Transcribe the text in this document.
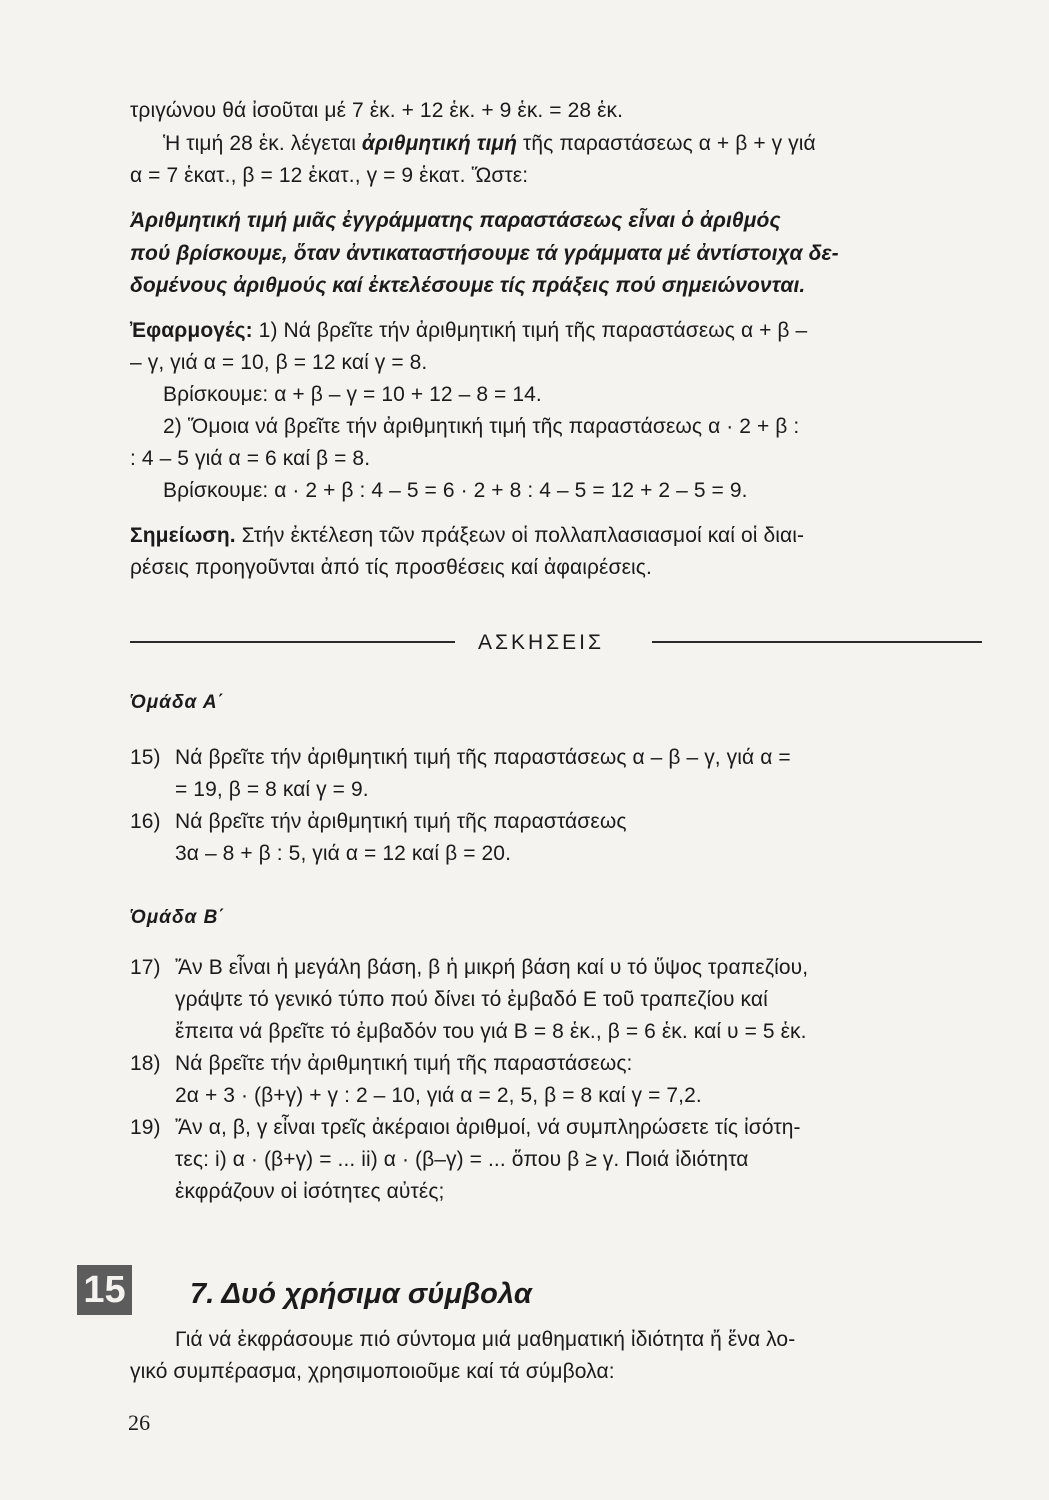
τριγώνου θά ἰσοῦται μέ 7 ἑκ. + 12 ἑκ. + 9 ἑκ. = 28 ἑκ.
Ἡ τιμή 28 ἑκ. λέγεται ἀριθμητική τιμή τῆς παραστάσεως α + β + γ γιά
α = 7 ἑκατ., β = 12 ἑκατ., γ = 9 ἑκατ. Ὥστε:
Ἀριθμητική τιμή μιᾶς ἐγγράμματης παραστάσεως εἶναι ὁ ἀριθμός
πού βρίσκουμε, ὅταν ἀντικαταστήσουμε τά γράμματα μέ ἀντίστοιχα δε-
δομένους ἀριθμούς καί ἐκτελέσουμε τίς πράξεις πού σημειώνονται.
Ἐφαρμογές: 1) Νά βρεῖτε τήν ἀριθμητική τιμή τῆς παραστάσεως α + β –
– γ, γιά α = 10, β = 12 καί γ = 8.
Βρίσκουμε: α + β – γ = 10 + 12 – 8 = 14.
2) Ὅμοια νά βρεῖτε τήν ἀριθμητική τιμή τῆς παραστάσεως α · 2 + β :
: 4 – 5 γιά α = 6 καί β = 8.
Βρίσκουμε: α · 2 + β : 4 – 5 = 6 · 2 + 8 : 4 – 5 = 12 + 2 – 5 = 9.
Σημείωση. Στήν ἐκτέλεση τῶν πράξεων οἱ πολλαπλασιασμοί καί οἱ διαι-
ρέσεις προηγοῦνται ἀπό τίς προσθέσεις καί ἀφαιρέσεις.
ΑΣΚΗΣΕΙΣ
Ὁμάδα Α΄
15) Νά βρεῖτε τήν ἀριθμητική τιμή τῆς παραστάσεως α – β – γ, γιά α =
= 19, β = 8 καί γ = 9.
16) Νά βρεῖτε τήν ἀριθμητική τιμή τῆς παραστάσεως
3α – 8 + β : 5, γιά α = 12 καί β = 20.
Ὁμάδα Β΄
17) Ἄν Β εἶναι ἡ μεγάλη βάση, β ἡ μικρή βάση καί υ τό ὕψος τραπεζίου,
γράψτε τό γενικό τύπο πού δίνει τό ἐμβαδό Ε τοῦ τραπεζίου καί
ἔπειτα νά βρεῖτε τό ἐμβαδόν του γιά Β = 8 ἑκ., β = 6 ἑκ. καί υ = 5 ἑκ.
18) Νά βρεῖτε τήν ἀριθμητική τιμή τῆς παραστάσεως:
2α + 3 · (β+γ) + γ : 2 – 10, γιά α = 2, 5, β = 8 καί γ = 7,2.
19) Ἄν α, β, γ εἶναι τρεῖς ἀκέραιοι ἀριθμοί, νά συμπληρώσετε τίς ἰσότη-
τες: i) α · (β+γ) = ... ii) α · (β–γ) = ... ὅπου β ≥ γ. Ποιά ἰδιότητα
ἐκφράζουν οἱ ἰσότητες αὐτές;
15 7. Δυό χρήσιμα σύμβολα
Γιά νά ἐκφράσουμε πιό σύντομα μιά μαθηματική ἰδιότητα ἤ ἕνα λο-
γικό συμπέρασμα, χρησιμοποιοῦμε καί τά σύμβολα:
26
